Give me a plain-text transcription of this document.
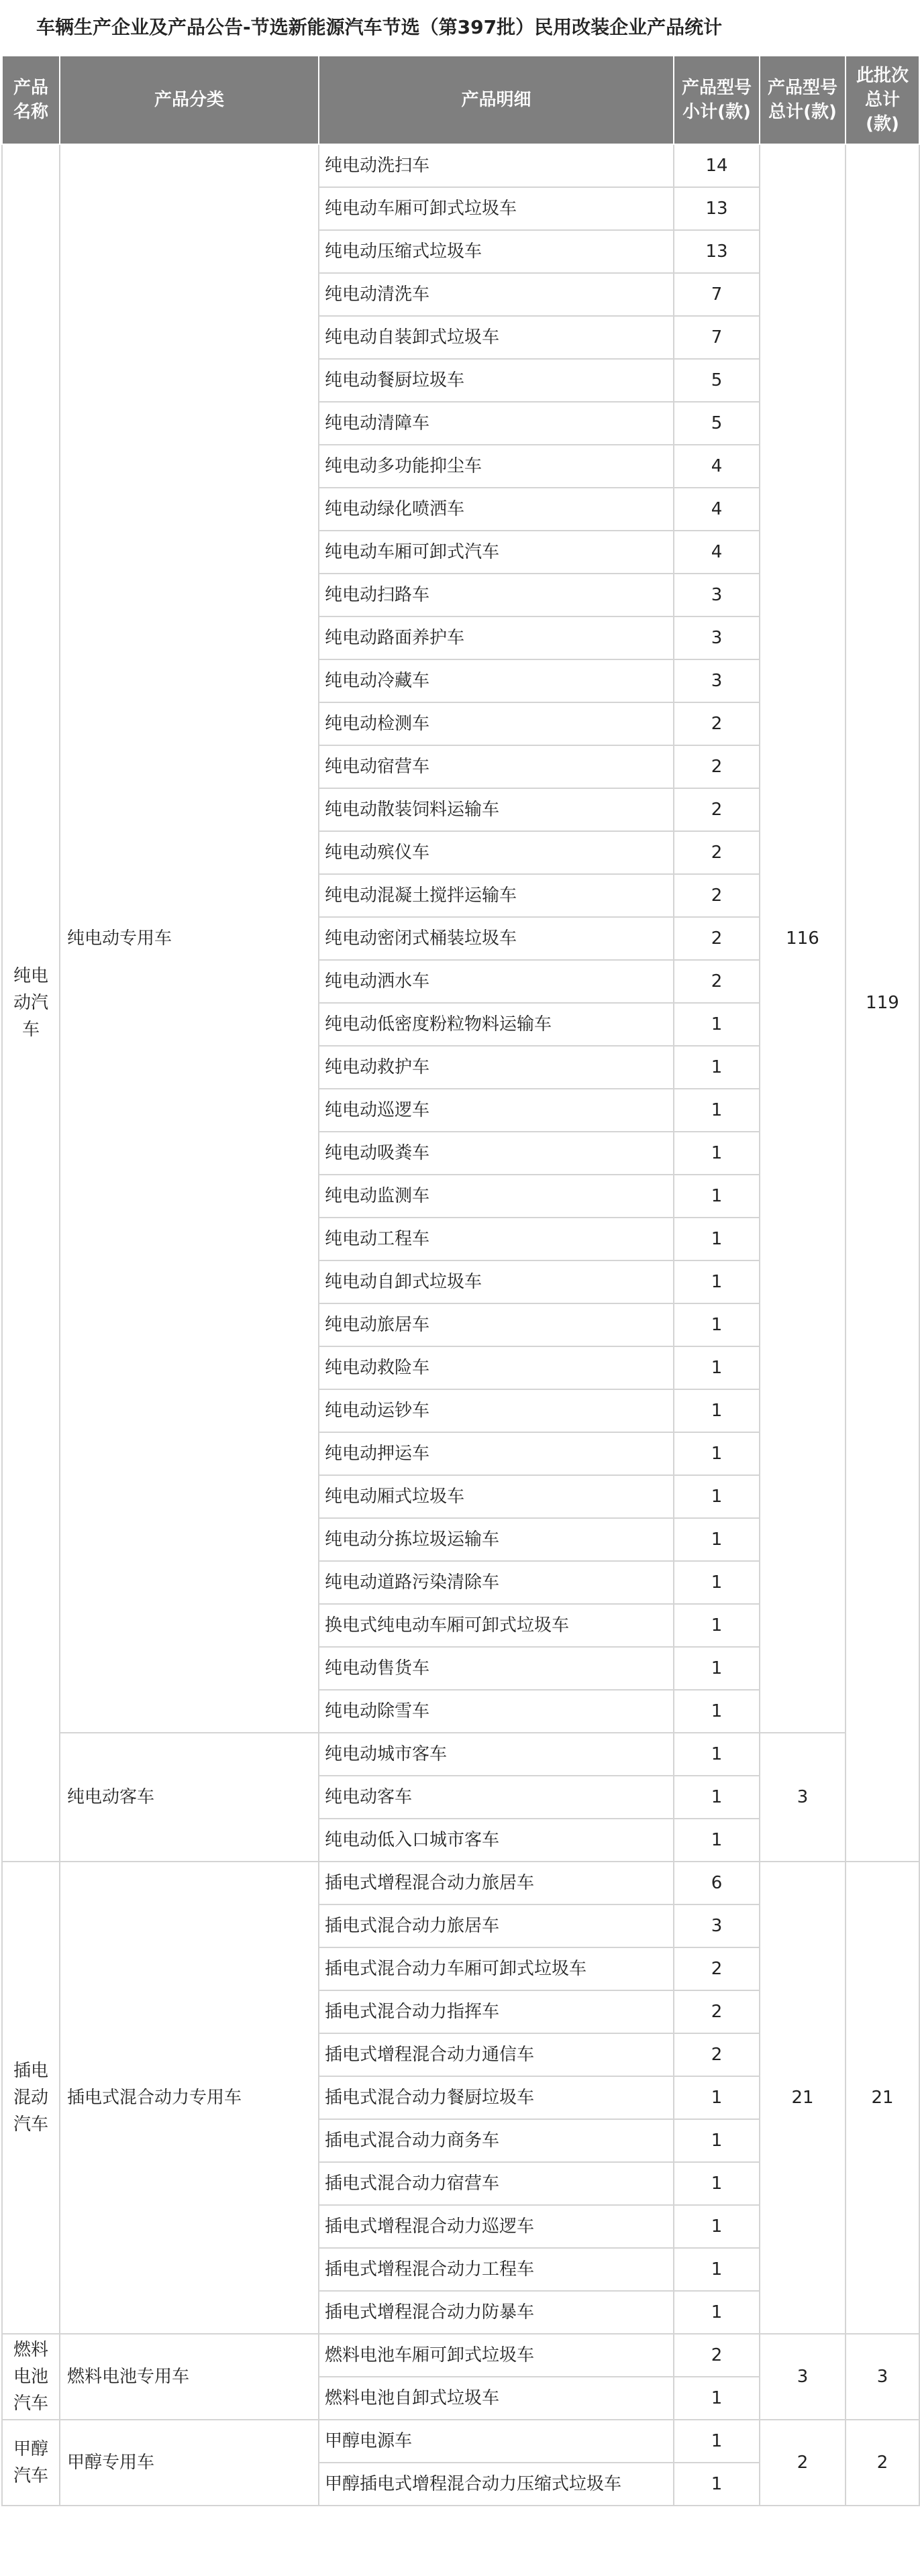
车辆生产企业及产品公告-节选新能源汽车节选（第397批）民用改装企业产品统计
产品名称	产品分类	产品明细	产品型号小计(款)	产品型号总计(款)	此批次总计(款)
纯电动汽车	纯电动专用车	纯电动洗扫车	14	116	119
		纯电动车厢可卸式垃圾车	13		
		纯电动压缩式垃圾车	13		
		纯电动清洗车	7		
		纯电动自装卸式垃圾车	7		
		纯电动餐厨垃圾车	5		
		纯电动清障车	5		
		纯电动多功能抑尘车	4		
		纯电动绿化喷洒车	4		
		纯电动车厢可卸式汽车	4		
		纯电动扫路车	3		
		纯电动路面养护车	3		
		纯电动冷藏车	3		
		纯电动检测车	2		
		纯电动宿营车	2		
		纯电动散装饲料运输车	2		
		纯电动殡仪车	2		
		纯电动混凝土搅拌运输车	2		
		纯电动密闭式桶装垃圾车	2		
		纯电动洒水车	2		
		纯电动低密度粉粒物料运输车	1		
		纯电动救护车	1		
		纯电动巡逻车	1		
		纯电动吸粪车	1		
		纯电动监测车	1		
		纯电动工程车	1		
		纯电动自卸式垃圾车	1		
		纯电动旅居车	1		
		纯电动救险车	1		
		纯电动运钞车	1		
		纯电动押运车	1		
		纯电动厢式垃圾车	1		
		纯电动分拣垃圾运输车	1		
		纯电动道路污染清除车	1		
		换电式纯电动车厢可卸式垃圾车	1		
		纯电动售货车	1		
		纯电动除雪车	1		
	纯电动客车	纯电动城市客车	1	3	
		纯电动客车	1		
		纯电动低入口城市客车	1		
插电混动汽车	插电式混合动力专用车	插电式增程混合动力旅居车	6	21	21
		插电式混合动力旅居车	3		
		插电式混合动力车厢可卸式垃圾车	2		
		插电式混合动力指挥车	2		
		插电式增程混合动力通信车	2		
		插电式混合动力餐厨垃圾车	1		
		插电式混合动力商务车	1		
		插电式混合动力宿营车	1		
		插电式增程混合动力巡逻车	1		
		插电式增程混合动力工程车	1		
		插电式增程混合动力防暴车	1		
燃料电池汽车	燃料电池专用车	燃料电池车厢可卸式垃圾车	2	3	3
		燃料电池自卸式垃圾车	1		
甲醇汽车	甲醇专用车	甲醇电源车	1	2	2
		甲醇插电式增程混合动力压缩式垃圾车	1		
